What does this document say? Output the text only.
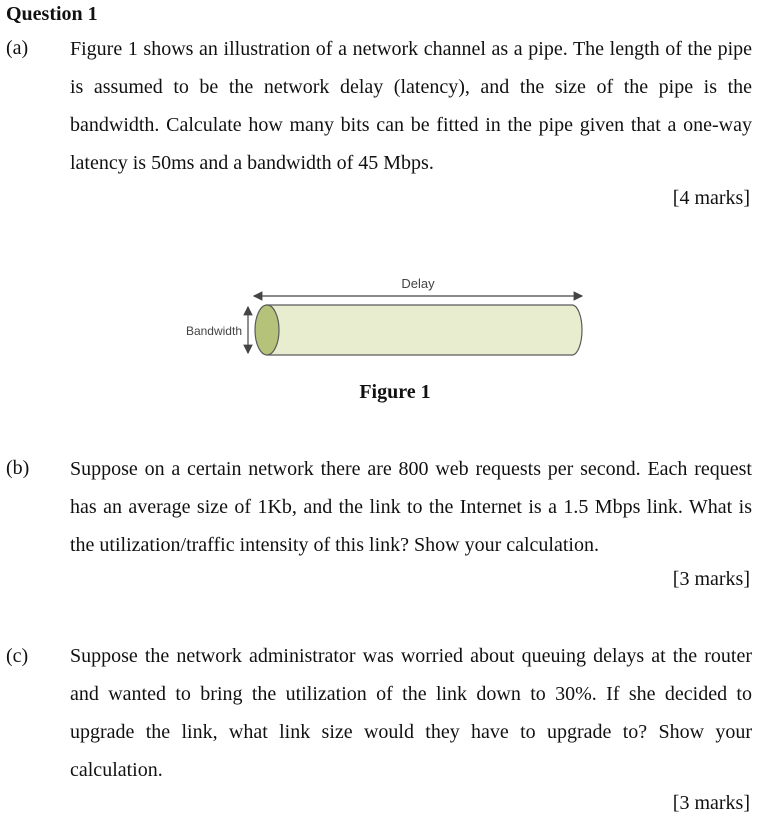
Question 1
(a) Figure 1 shows an illustration of a network channel as a pipe. The length of the pipe is assumed to be the network delay (latency), and the size of the pipe is the bandwidth. Calculate how many bits can be fitted in the pipe given that a one-way latency is 50ms and a bandwidth of 45 Mbps.
[4 marks]
Delay
Bandwidth
Figure 1
(b) Suppose on a certain network there are 800 web requests per second. Each request has an average size of 1Kb, and the link to the Internet is a 1.5 Mbps link. What is the utilization/traffic intensity of this link? Show your calculation.
[3 marks]
(c) Suppose the network administrator was worried about queuing delays at the router and wanted to bring the utilization of the link down to 30%. If she decided to upgrade the link, what link size would they have to upgrade to? Show your calculation.
[3 marks]
